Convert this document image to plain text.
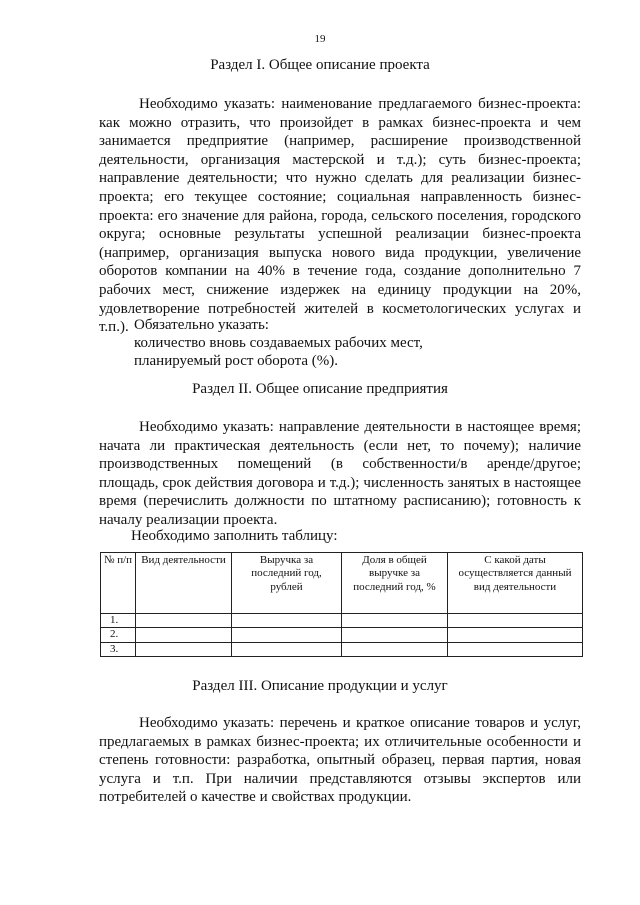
19
Раздел I. Общее описание проекта

Необходимо указать: наименование предлагаемого бизнес-проекта: как можно отразить, что произойдет в рамках бизнес-проекта и чем занимается предприятие (например, расширение производственной деятельности, организация мастерской и т.д.); суть бизнес-проекта; направление деятельности; что нужно сделать для реализации бизнес-проекта; его текущее состояние; социальная направленность бизнес-проекта: его значение для района, города, сельского поселения, городского округа; основные результаты успешной реализации бизнес-проекта (например, организация выпуска нового вида продукции, увеличение оборотов компании на 40% в течение года, создание дополнительно 7 рабочих мест, снижение издержек на единицу продукции на 20%, удовлетворение потребностей жителей в косметологических услугах и т.п.). Обязательно указать:

количество вновь создаваемых рабочих мест,

планируемый рост оборота (%).

Раздел II. Общее описание предприятия

Необходимо указать: направление деятельности в настоящее время; начата ли практическая деятельность (если нет, то почему); наличие производственных помещений (в собственности/в аренде/другое; площадь, срок действия договора и т.д.); численность занятых в настоящее время (перечислить должности по штатному расписанию); готовность к началу реализации проекта.

Необходимо заполнить таблицу:

№ п/п	Вид деятельности	Выручка за последний год, рублей	Доля в общей выручке за последний год, %	С какой даты осуществляется данный вид деятельности
1.				
2.				
3.				
Раздел III. Описание продукции и услуг

Необходимо указать: перечень и краткое описание товаров и услуг, предлагаемых в рамках бизнес-проекта; их отличительные особенности и степень готовности: разработка, опытный образец, первая партия, новая услуга и т.п. При наличии представляются отзывы экспертов или потребителей о качестве и свойствах продукции.
